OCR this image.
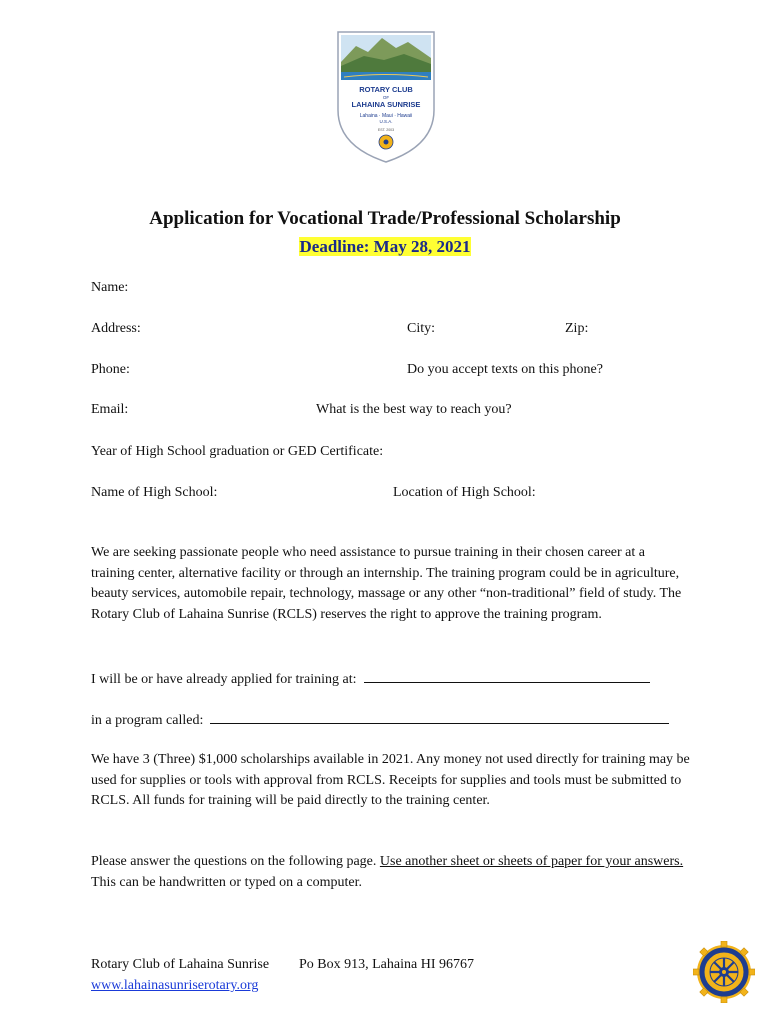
ROTARY CLUB
OF
LAHAINA SUNRISE
Lahaina · Maui · Hawaii
U.S.A.
EST. 2003
Application for Vocational Trade/Professional Scholarship
Deadline: May 28, 2021
Name:
Address:	City:	Zip:
Phone:	Do you accept texts on this phone?
Email:	What is the best way to reach you?
Year of High School graduation or GED Certificate:
Name of High School:	Location of High School:
We are seeking passionate people who need assistance to pursue training in their chosen career at a training center, alternative facility or through an internship. The training program could be in agriculture, beauty services, automobile repair, technology, massage or any other “non-traditional” field of study. The Rotary Club of Lahaina Sunrise (RCLS) reserves the right to approve the training program.
I will be or have already applied for training at:
in a program called:
We have 3 (Three) $1,000 scholarships available in 2021. Any money not used directly for training may be used for supplies or tools with approval from RCLS. Receipts for supplies and tools must be submitted to RCLS. All funds for training will be paid directly to the training center.
Please answer the questions on the following page. Use another sheet or sheets of paper for your answers.    This can be handwritten or typed on a computer.
Rotary Club of Lahaina Sunrise Po Box 913, Lahaina HI 96767
www.lahainasunriserotary.org
